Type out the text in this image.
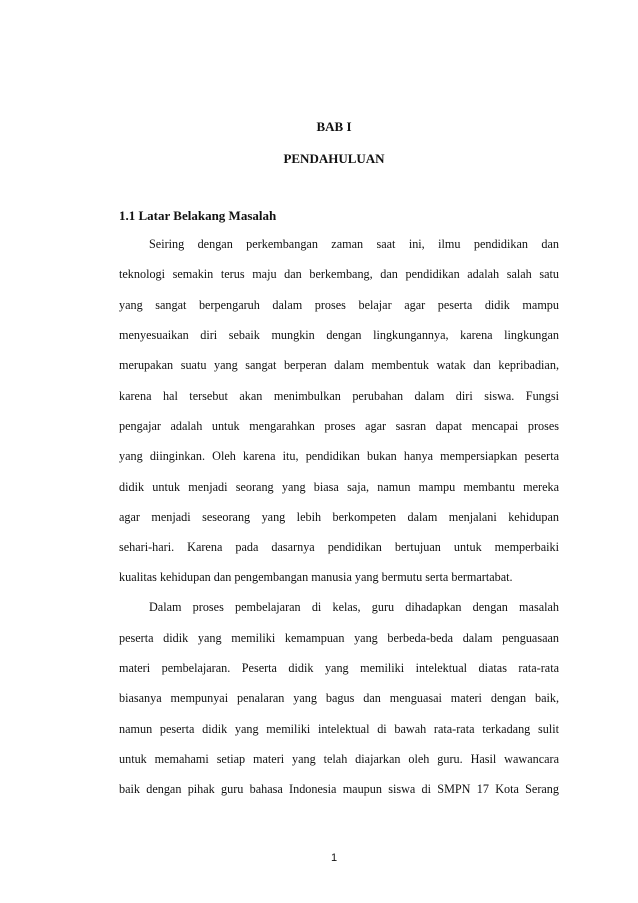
BAB I
PENDAHULUAN
1.1 Latar Belakang Masalah
Seiring dengan perkembangan zaman saat ini, ilmu pendidikan dan
teknologi semakin terus maju dan berkembang, dan pendidikan adalah salah satu
yang sangat berpengaruh dalam proses belajar agar peserta didik mampu
menyesuaikan diri sebaik mungkin dengan lingkungannya, karena lingkungan
merupakan suatu yang sangat berperan dalam membentuk watak dan kepribadian,
karena hal tersebut akan menimbulkan perubahan dalam diri siswa. Fungsi
pengajar adalah untuk mengarahkan proses agar sasran dapat mencapai proses
yang diinginkan. Oleh karena itu, pendidikan bukan hanya mempersiapkan peserta
didik untuk menjadi seorang yang biasa saja, namun mampu membantu mereka
agar menjadi seseorang yang lebih berkompeten dalam menjalani kehidupan
sehari-hari. Karena pada dasarnya pendidikan bertujuan untuk memperbaiki
kualitas kehidupan dan pengembangan manusia yang bermutu serta bermartabat.
Dalam proses pembelajaran di kelas, guru dihadapkan dengan masalah
peserta didik yang memiliki kemampuan yang berbeda-beda dalam penguasaan
materi pembelajaran. Peserta didik yang memiliki intelektual diatas rata-rata
biasanya mempunyai penalaran yang bagus dan menguasai materi dengan baik,
namun peserta didik yang memiliki intelektual di bawah rata-rata terkadang sulit
untuk memahami setiap materi yang telah diajarkan oleh guru. Hasil wawancara
baik dengan pihak guru bahasa Indonesia maupun siswa di SMPN 17 Kota Serang
1
